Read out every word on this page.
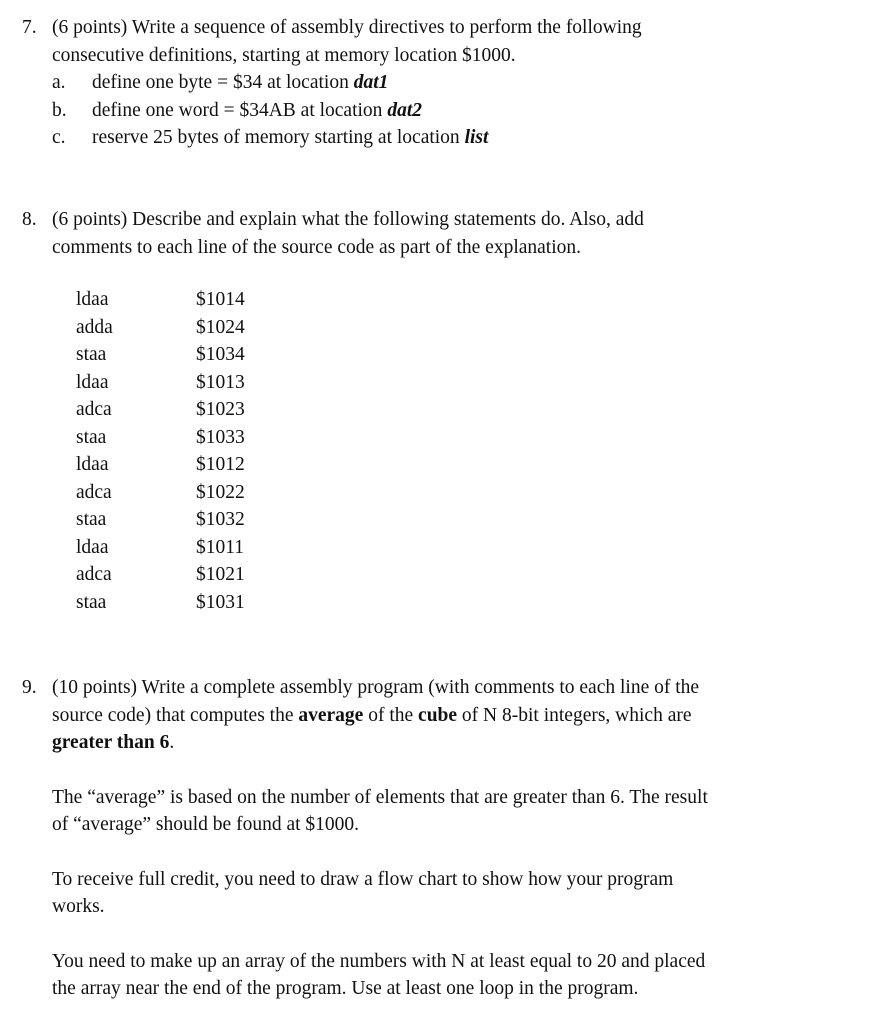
7. (6 points) Write a sequence of assembly directives to perform the following
consecutive definitions, starting at memory location $1000.
a. define one byte = $34 at location dat1
b. define one word = $34AB at location dat2
c. reserve 25 bytes of memory starting at location list
8. (6 points) Describe and explain what the following statements do. Also, add
comments to each line of the source code as part of the explanation.
ldaa	$1014
adda	$1024
staa	$1034
ldaa	$1013
adca	$1023
staa	$1033
ldaa	$1012
adca	$1022
staa	$1032
ldaa	$1011
adca	$1021
staa	$1031
9. (10 points) Write a complete assembly program (with comments to each line of the
source code) that computes the average of the cube of N 8-bit integers, which are
greater than 6.
The “average” is based on the number of elements that are greater than 6. The result
of “average” should be found at $1000.
To receive full credit, you need to draw a flow chart to show how your program
works.
You need to make up an array of the numbers with N at least equal to 20 and placed
the array near the end of the program. Use at least one loop in the program.
